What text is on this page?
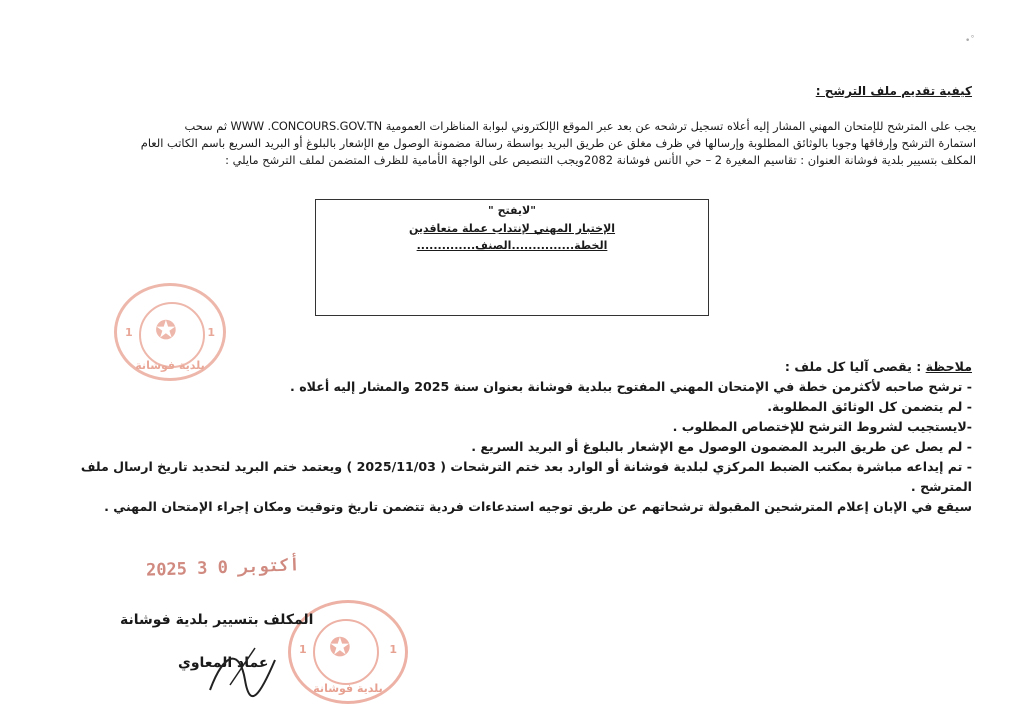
•˚
كيفية تقديم ملف الترشح :
يجب على المترشح للإمتحان المهني المشار إليه أعلاه تسجيل ترشحه عن بعد عبر الموقع الإلكتروني لبوابة المناظرات العمومية WWW .CONCOURS.GOV.TN ثم سحب
استمارة الترشح وإرفاقها وجوبا بالوثائق المطلوبة وإرسالها في ظرف مغلق عن طريق البريد بواسطة رسالة مضمونة الوصول مع الإشعار بالبلوغ أو البريد السريع باسم الكاتب العام
المكلف بتسيير بلدية فوشانة العنوان : تقاسيم المغيرة 2 – حي الأنس فوشانة 2082ويجب التنصيص على الواجهة الأمامية للظرف المتضمن لملف الترشح مايلي :
"لايفتح "
الإختبار المهني لإنتداب عملة متعاقدين
الخطة...............الصنف..............
✪
1	1
بلدية فوشانة	ملاحظة : يقصى آليا كل ملف :
- ترشح صاحبه لأكثرمن خطة في الإمتحان المهني المفتوح ببلدية فوشانة بعنوان سنة 2025 والمشار إليه أعلاه .
- لم يتضمن كل الوثائق المطلوبة.
-لايستجيب لشروط الترشح للإختصاص المطلوب .
- لم يصل عن طريق البريد المضمون الوصول مع الإشعار بالبلوغ أو البريد السريع .
- تم إيداعه مباشرة بمكتب الضبط المركزي لبلدية فوشانة أو الوارد بعد ختم الترشحات ( 2025/11/03 ) ويعتمد ختم البريد لتحديد تاريخ ارسال ملف
المترشح .
سيقع في الإبان إعلام المترشحين المقبولة ترشحاتهم عن طريق توجيه استدعاءات فردية تتضمن تاريخ وتوقيت ومكان إجراء الإمتحان المهني .
2025 أكتوبر 0 3
✪
1	1
بلدية فوشانة
المكلف بتسيير بلدية فوشانة
عماد المعاوي
